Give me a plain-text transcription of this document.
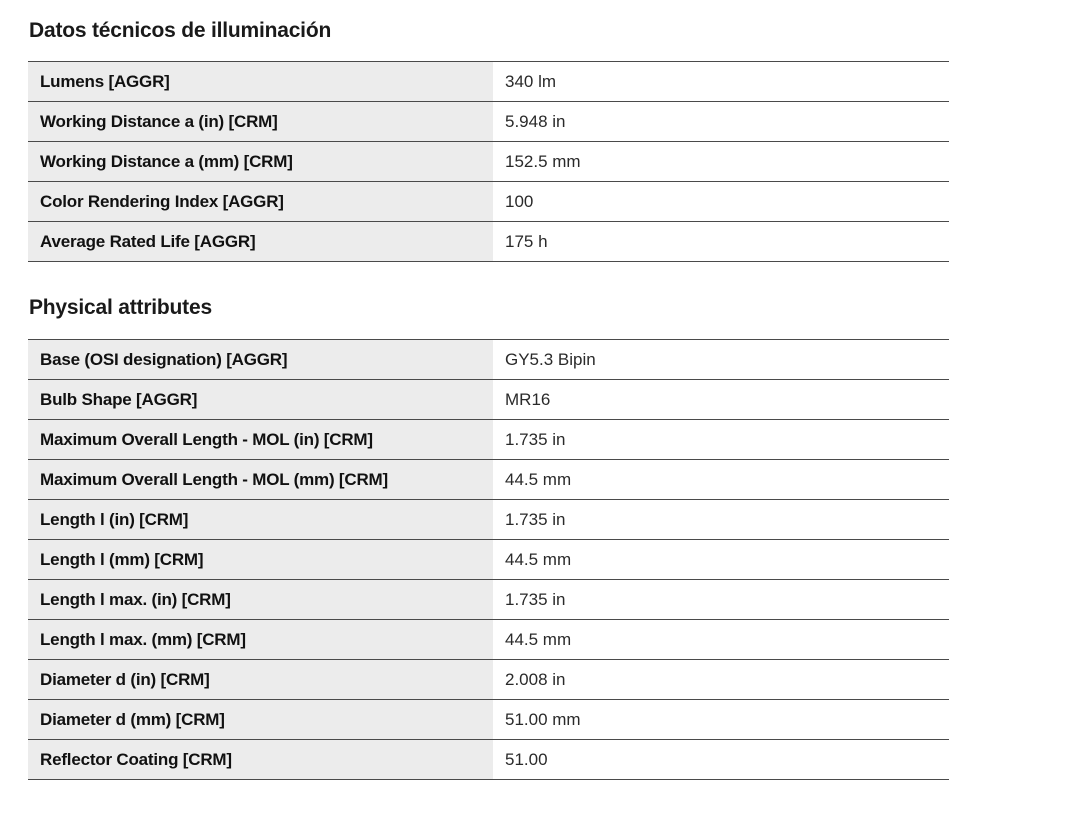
Datos técnicos de illuminación
Lumens [AGGR]	340 lm
Working Distance a (in) [CRM]	5.948 in
Working Distance a (mm) [CRM]	152.5 mm
Color Rendering Index [AGGR]	100
Average Rated Life [AGGR]	175 h
Physical attributes
Base (OSI designation) [AGGR]	GY5.3 Bipin
Bulb Shape [AGGR]	MR16
Maximum Overall Length - MOL (in) [CRM]	1.735 in
Maximum Overall Length - MOL (mm) [CRM]	44.5 mm
Length l (in) [CRM]	1.735 in
Length l (mm) [CRM]	44.5 mm
Length l max. (in) [CRM]	1.735 in
Length l max. (mm) [CRM]	44.5 mm
Diameter d (in) [CRM]	2.008 in
Diameter d (mm) [CRM]	51.00 mm
Reflector Coating [CRM]	51.00
